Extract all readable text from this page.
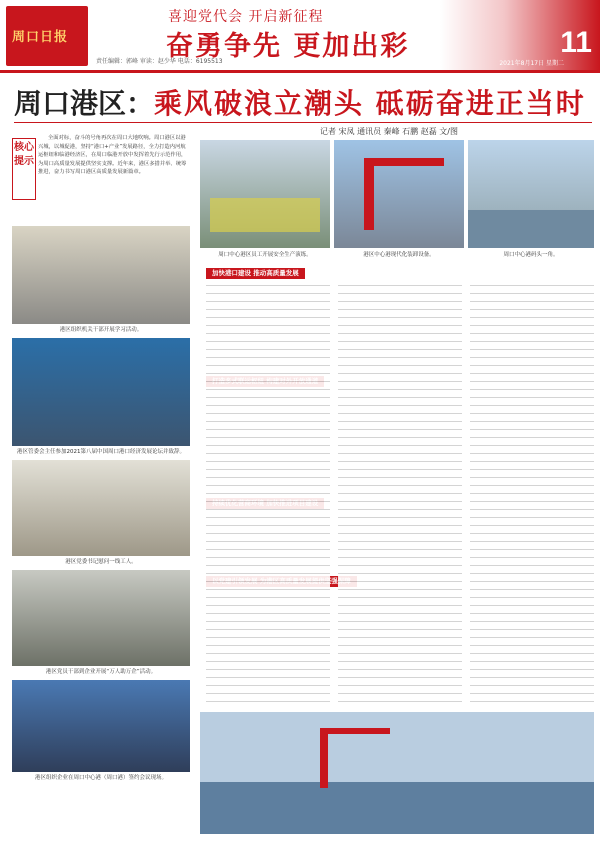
周口日报
喜迎党代会 开启新征程
奋勇争先 更加出彩
责任编辑：郭峰 审读：赵少华 电话：6195513
11
2021年8月17日 星期二
周口港区：乘风破浪立潮头 砥砺奋进正当时
记者 宋凤 通讯员 秦峰 石鹏 赵磊 文/图
核心提示
全面对标，奋斗的号角再次在周口大地吹响。周口港区以港兴城，以城促港，坚持“港口+产业”发展路径，全力打造内河航运枢纽和临港经济区，在周口临港开放中发挥着先行示范作用，为周口高质量发展提供坚实支撑。近年来，港区多措并举、统筹推进，奋力书写周口港区高质量发展新篇章。
周口中心港区员工开展安全生产演练。	港区中心港现代化装卸设备。	周口中心港码头一角。
港区组织机关干部开展学习活动。
港区管委会主任参加2021第八届中国周口港口经济发展论坛并致辞。
港区党委书记慰问一线工人。
港区党员干部到企业开展“万人助万企”活动。
港区组织企业在周口中心港（周口港）签约会议现场。
加快港口建设 推动高质量发展
